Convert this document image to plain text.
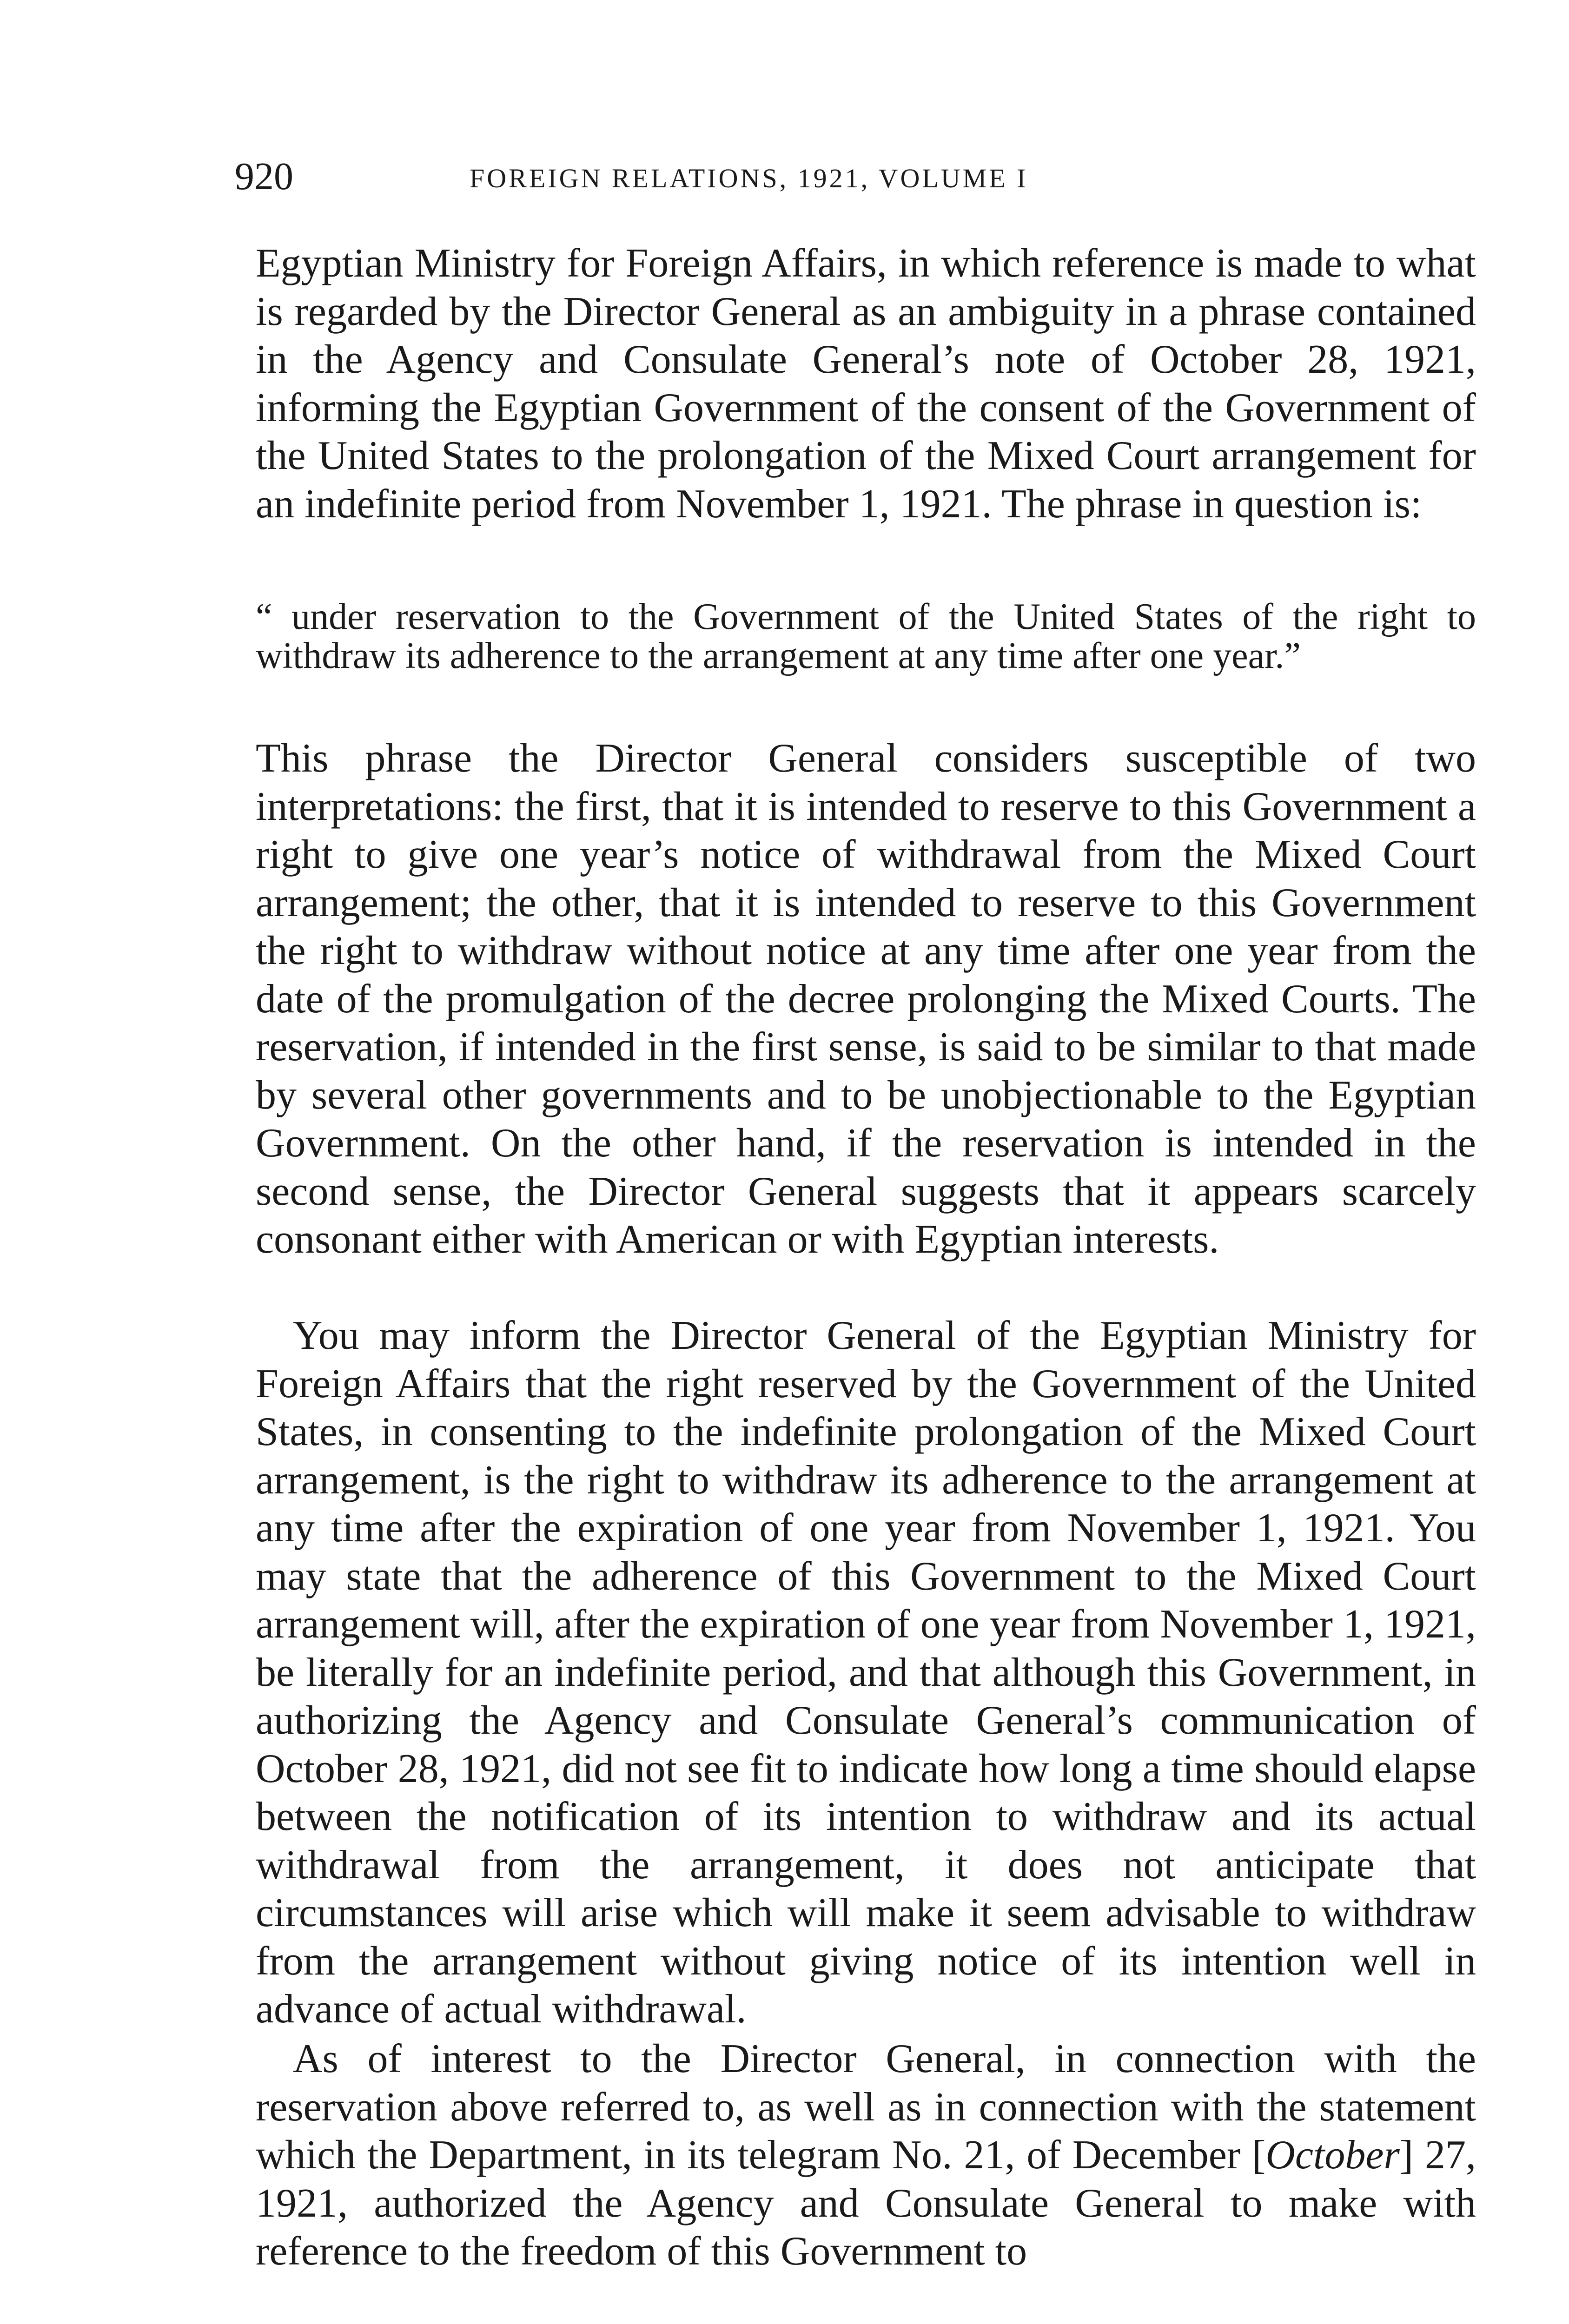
920	FOREIGN RELATIONS, 1921, VOLUME I

Egyptian Ministry for Foreign Affairs, in which reference is made to what is regarded by the Director General as an ambiguity in a phrase contained in the Agency and Consulate General’s note of October 28, 1921, informing the Egyptian Government of the consent of the Government of the United States to the prolongation of the Mixed Court arrangement for an indefinite period from November 1, 1921. The phrase in question is:

“ under reservation to the Government of the United States of the right to withdraw its adherence to the arrangement at any time after one year.”

This phrase the Director General considers susceptible of two interpretations: the first, that it is intended to reserve to this Government a right to give one year’s notice of withdrawal from the Mixed Court arrangement; the other, that it is intended to reserve to this Government the right to withdraw without notice at any time after one year from the date of the promulgation of the decree prolonging the Mixed Courts. The reservation, if intended in the first sense, is said to be similar to that made by several other governments and to be unobjectionable to the Egyptian Government. On the other hand, if the reservation is intended in the second sense, the Director General suggests that it appears scarcely consonant either with American or with Egyptian interests.

You may inform the Director General of the Egyptian Ministry for Foreign Affairs that the right reserved by the Government of the United States, in consenting to the indefinite prolongation of the Mixed Court arrangement, is the right to withdraw its adherence to the arrangement at any time after the expiration of one year from November 1, 1921. You may state that the adherence of this Government to the Mixed Court arrangement will, after the expiration of one year from November 1, 1921, be literally for an indefinite period, and that although this Government, in authorizing the Agency and Consulate General’s communication of October 28, 1921, did not see fit to indicate how long a time should elapse between the notification of its intention to withdraw and its actual withdrawal from the arrangement, it does not anticipate that circumstances will arise which will make it seem advisable to withdraw from the arrangement without giving notice of its intention well in advance of actual withdrawal.

As of interest to the Director General, in connection with the reservation above referred to, as well as in connection with the statement which the Department, in its telegram No. 21, of December [October] 27, 1921, authorized the Agency and Consulate General to make with reference to the freedom of this Government to
